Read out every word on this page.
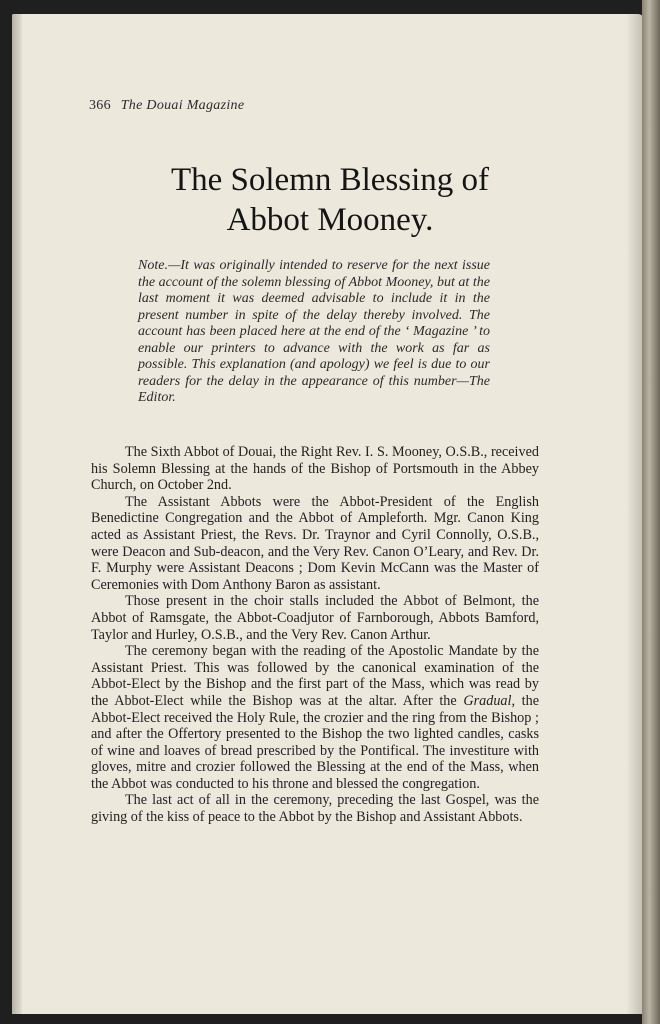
366 The Douai Magazine
The Solemn Blessing of
Abbot Mooney.

Note.—It was originally intended to reserve for the next issue the account of the solemn blessing of Abbot Mooney, but at the last moment it was deemed advisable to include it in the present number in spite of the delay thereby involved. The account has been placed here at the end of the ‘ Magazine ’ to enable our printers to advance with the work as far as possible. This explanation (and apology) we feel is due to our readers for the delay in the appearance of this number—The Editor.

The Sixth Abbot of Douai, the Right Rev. I. S. Mooney, O.S.B., received his Solemn Blessing at the hands of the Bishop of Portsmouth in the Abbey Church, on October 2nd.

The Assistant Abbots were the Abbot-President of the English Benedictine Congregation and the Abbot of Ampleforth. Mgr. Canon King acted as Assistant Priest, the Revs. Dr. Traynor and Cyril Connolly, O.S.B., were Deacon and Sub-deacon, and the Very Rev. Canon O’Leary, and Rev. Dr. F. Murphy were Assistant Deacons ; Dom Kevin McCann was the Master of Ceremonies with Dom Anthony Baron as assistant.

Those present in the choir stalls included the Abbot of Belmont, the Abbot of Ramsgate, the Abbot-Coadjutor of Farnborough, Abbots Bamford, Taylor and Hurley, O.S.B., and the Very Rev. Canon Arthur.

The ceremony began with the reading of the Apostolic Mandate by the Assistant Priest. This was followed by the canonical examination of the Abbot-Elect by the Bishop and the first part of the Mass, which was read by the Abbot-Elect while the Bishop was at the altar. After the Gradual, the Abbot-Elect received the Holy Rule, the crozier and the ring from the Bishop ; and after the Offertory presented to the Bishop the two lighted candles, casks of wine and loaves of bread prescribed by the Pontifical. The investiture with gloves, mitre and crozier followed the Blessing at the end of the Mass, when the Abbot was conducted to his throne and blessed the congregation.

The last act of all in the ceremony, preceding the last Gospel, was the giving of the kiss of peace to the Abbot by the Bishop and Assistant Abbots.
